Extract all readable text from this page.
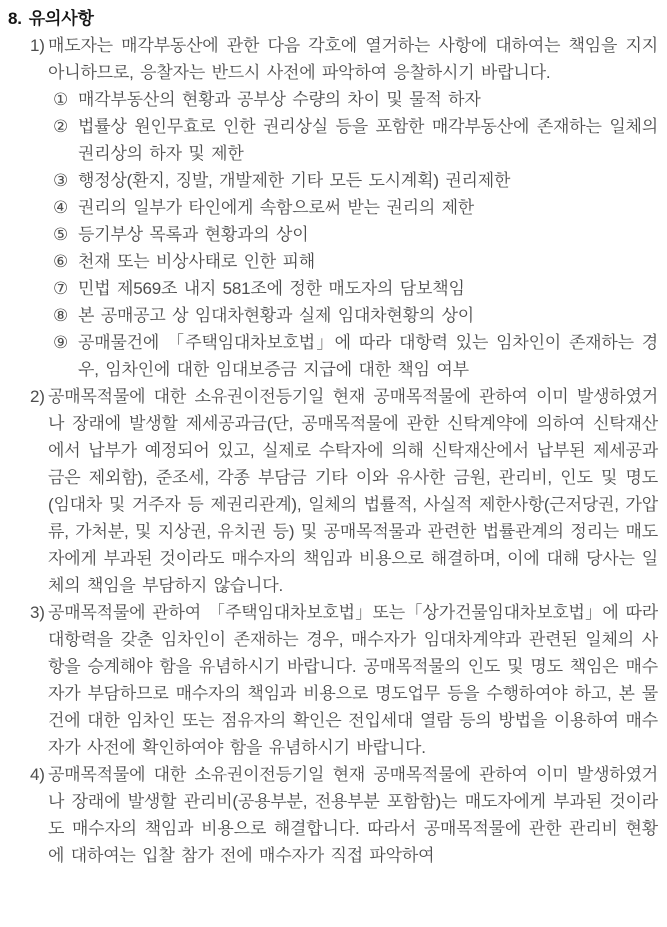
8. 유의사항
1) 매도자는 매각부동산에 관한 다음 각호에 열거하는 사항에 대하여는 책임을 지지 아니하므로, 응찰자는 반드시 사전에 파악하여 응찰하시기 바랍니다.
① 매각부동산의 현황과 공부상 수량의 차이 및 물적 하자
② 법률상 원인무효로 인한 권리상실 등을 포함한 매각부동산에 존재하는 일체의 권리상의 하자 및 제한
③ 행정상(환지, 징발, 개발제한 기타 모든 도시계획) 권리제한
④ 권리의 일부가 타인에게 속함으로써 받는 권리의 제한
⑤ 등기부상 목록과 현황과의 상이
⑥ 천재 또는 비상사태로 인한 피해
⑦ 민법 제569조 내지 581조에 정한 매도자의 담보책임
⑧ 본 공매공고 상 임대차현황과 실제 임대차현황의 상이
⑨ 공매물건에 「주택임대차보호법」에 따라 대항력 있는 임차인이 존재하는 경우, 임차인에 대한 임대보증금 지급에 대한 책임 여부
2) 공매목적물에 대한 소유권이전등기일 현재 공매목적물에 관하여 이미 발생하였거나 장래에 발생할 제세공과금(단, 공매목적물에 관한 신탁계약에 의하여 신탁재산에서 납부가 예정되어 있고, 실제로 수탁자에 의해 신탁재산에서 납부된 제세공과금은 제외함), 준조세, 각종 부담금 기타 이와 유사한 금원, 관리비, 인도 및 명도(임대차 및 거주자 등 제권리관계), 일체의 법률적, 사실적 제한사항(근저당권, 가압류, 가처분, 및 지상권, 유치권 등) 및 공매목적물과 관련한 법률관계의 정리는 매도자에게 부과된 것이라도 매수자의 책임과 비용으로 해결하며, 이에 대해 당사는 일체의 책임을 부담하지 않습니다.
3) 공매목적물에 관하여 「주택임대차보호법」또는「상가건물임대차보호법」에 따라 대항력을 갖춘 임차인이 존재하는 경우, 매수자가 임대차계약과 관련된 일체의 사항을 승계해야 함을 유념하시기 바랍니다. 공매목적물의 인도 및 명도 책임은 매수자가 부담하므로 매수자의 책임과 비용으로 명도업무 등을 수행하여야 하고, 본 물건에 대한 임차인 또는 점유자의 확인은 전입세대 열람 등의 방법을 이용하여 매수자가 사전에 확인하여야 함을 유념하시기 바랍니다.
4) 공매목적물에 대한 소유권이전등기일 현재 공매목적물에 관하여 이미 발생하였거나 장래에 발생할 관리비(공용부분, 전용부분 포함함)는 매도자에게 부과된 것이라도 매수자의 책임과 비용으로 해결합니다. 따라서 공매목적물에 관한 관리비 현황에 대하여는 입찰 참가 전에 매수자가 직접 파악하여
